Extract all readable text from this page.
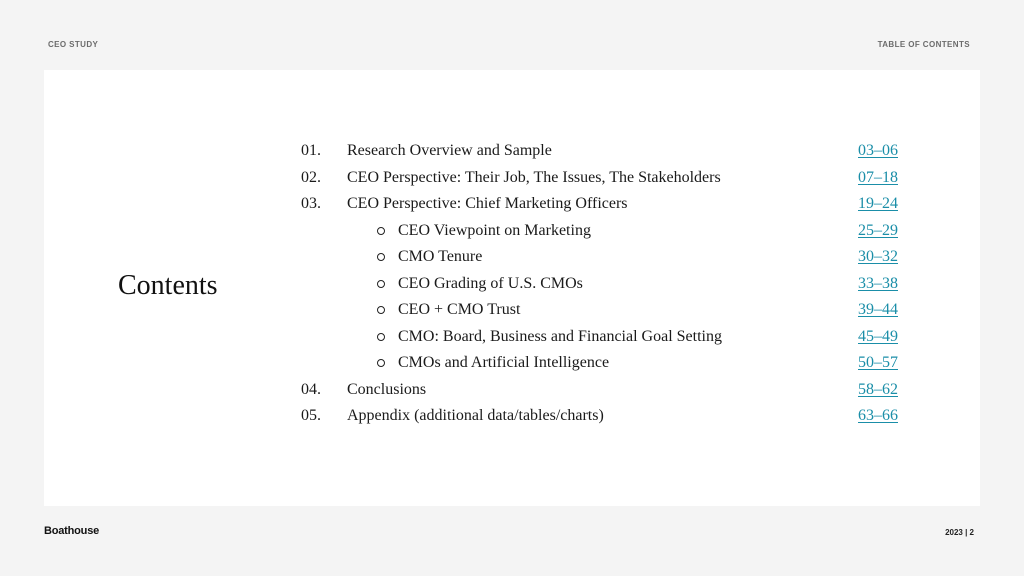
CEO STUDY	TABLE OF CONTENTS
Contents
01.	Research Overview and Sample	03–06
02.	CEO Perspective: Their Job, The Issues, The Stakeholders	07–18
03.	CEO Perspective: Chief Marketing Officers	19–24
CEO Viewpoint on Marketing	25–29
CMO Tenure	30–32
CEO Grading of U.S. CMOs	33–38
CEO + CMO Trust	39–44
CMO: Board, Business and Financial Goal Setting	45–49
CMOs and Artificial Intelligence	50–57
04.	Conclusions	58–62
05.	Appendix (additional data/tables/charts)	63–66
Boathouse	2023 | 2
